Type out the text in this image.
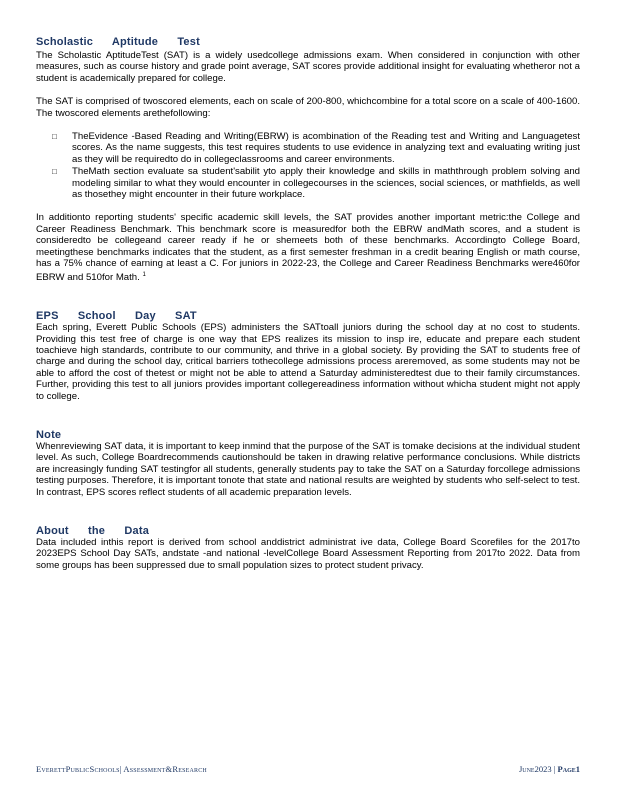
Scholastic Aptitude Test

The Scholastic AptitudeTest (SAT) is a widely usedcollege admissions exam. When considered in conjunction with other measures, such as course history and grade point average, SAT scores provide additional insight for evaluating whetheror not a student is academically prepared for college.

The SAT is comprised of twoscored elements, each on scale of 200-800, whichcombine for a total score on a scale of 400-1600. The twoscored elements arethefollowing:

□ TheEvidence -Based Reading and Writing(EBRW) is acombination of the Reading test and Writing and Languagetest scores. As the name suggests, this test requires students to use evidence in analyzing text and evaluating writing just as they will be requiredto do in collegeclassrooms and career environments.
□ TheMath section evaluate sa student'sabilit yto apply their knowledge and skills in maththrough problem solving and modeling similar to what they would encounter in collegecourses in the sciences, social sciences, or mathfields, as well as thosethey might encounter in their future workplace.

In additionto reporting students' specific academic skill levels, the SAT provides another important metric:the College and Career Readiness Benchmark. This benchmark score is measuredfor both the EBRW andMath scores, and a student is consideredto be collegeand career ready if he or shemeets both of these benchmarks. Accordingto College Board, meetingthese benchmarks indicates that the student, as a first semester freshman in a credit bearing English or math course, has a 75% chance of earning at least a C. For juniors in 2022-23, the College and Career Readiness Benchmarks were460for EBRW and 510for Math. $^1$

EPS School Day SAT

Each spring, Everett Public Schools (EPS) administers the SATtoall juniors during the school day at no cost to students. Providing this test free of charge is one way that EPS realizes its mission to insp ire, educate and prepare each student toachieve high standards, contribute to our community, and thrive in a global society. By providing the SAT to students free of charge and during the school day, critical barriers tothecollege admissions process areremoved, as some students may not be able to afford the cost of thetest or might not be able to attend a Saturday administeredtest due to their family circumstances. Further, providing this test to all juniors provides important collegereadiness information without whicha student might not apply to college.

Note

Whenreviewing SAT data, it is important to keep inmind that the purpose of the SAT is tomake decisions at the individual student level. As such, College Boardrecommends cautionshould be taken in drawing relative performance conclusions. While districts are increasingly funding SAT testingfor all students, generally students pay to take the SAT on a Saturday forcollege admissions testing purposes. Therefore, it is important tonote that state and national results are weighted by students who self-select to test. In contrast, EPS scores reflect students of all academic preparation levels.

About the Data

Data included inthis report is derived from school anddistrict administrat ive data, College Board Scorefiles for the 2017to 2023EPS School Day SATs, andstate -and national -levelCollege Board Assessment Reporting from 2017to 2022. Data from some groups has been suppressed due to small population sizes to protect student privacy.

EverettPublicSchools| Assessment&Research	June2023 | Page1
